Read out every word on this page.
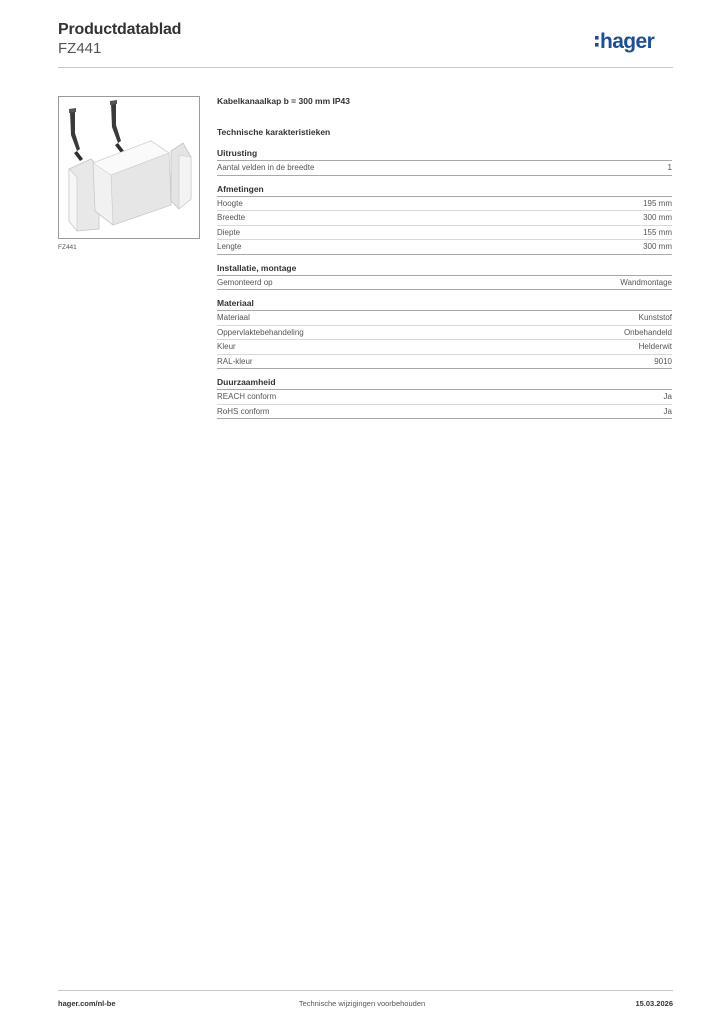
Productdatablad
FZ441	hager
FZ441
Kabelkanaalkap b = 300 mm IP43
Technische karakteristieken
Uitrusting
Aantal velden in de breedte	1
Afmetingen
Hoogte	195 mm
Breedte	300 mm
Diepte	155 mm
Lengte	300 mm
Installatie, montage
Gemonteerd op	Wandmontage
Materiaal
Materiaal	Kunststof
Oppervlaktebehandeling	Onbehandeld
Kleur	Helderwit
RAL-kleur	9010
Duurzaamheid
REACH conform	Ja
RoHS conform	Ja
hager.com/nl-be	Technische wijzigingen voorbehouden	15.03.2026
